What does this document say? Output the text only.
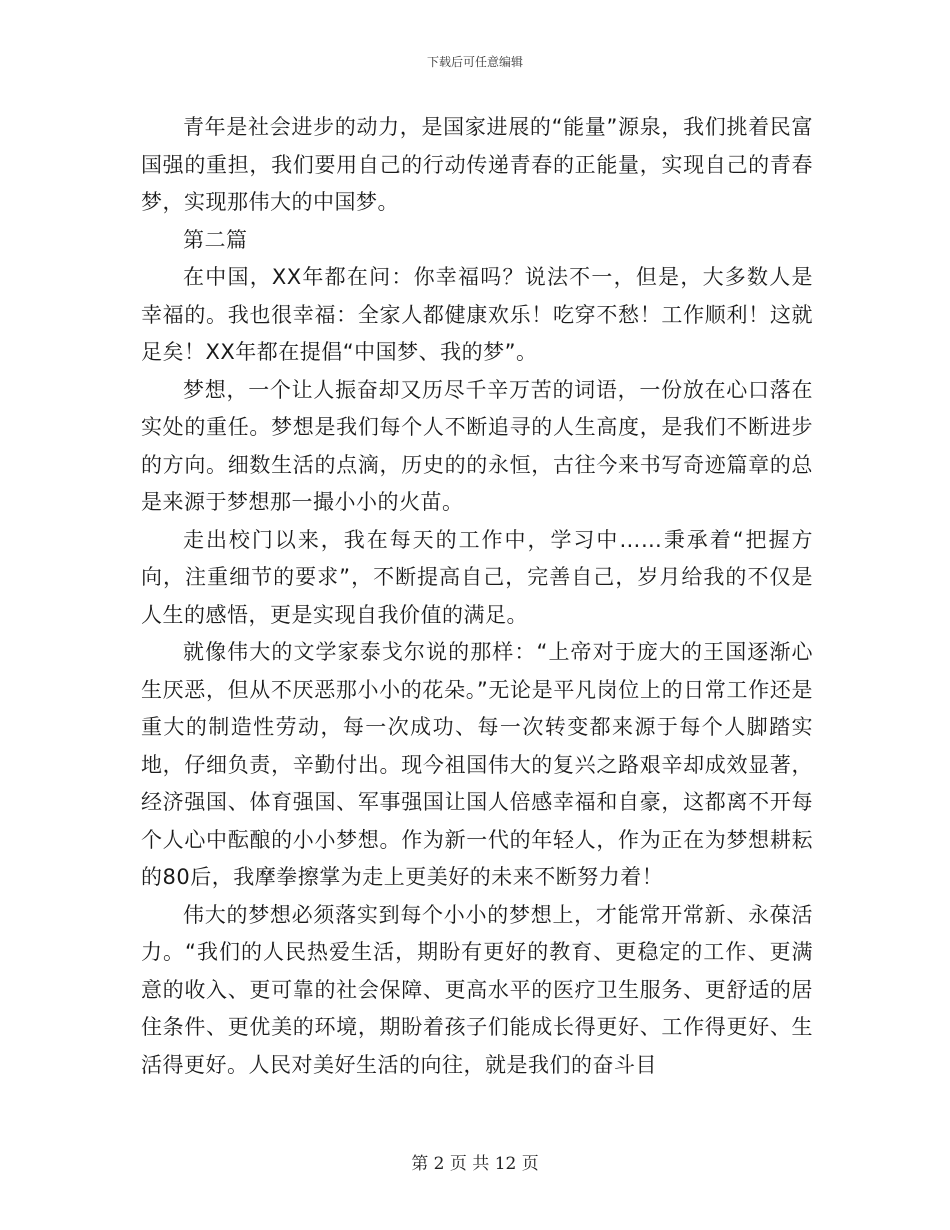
下载后可任意编辑

青年是社会进步的动力，是国家进展的“能量”源泉，我们挑着民富国强的重担，我们要用自己的行动传递青春的正能量，实现自己的青春梦，实现那伟大的中国梦。

第二篇

在中国，XX年都在问：你幸福吗？说法不一，但是，大多数人是幸福的。我也很幸福：全家人都健康欢乐！吃穿不愁！工作顺利！这就足矣！XX年都在提倡“中国梦、我的梦”。

梦想，一个让人振奋却又历尽千辛万苦的词语，一份放在心口落在实处的重任。梦想是我们每个人不断追寻的人生高度，是我们不断进步的方向。细数生活的点滴，历史的的永恒，古往今来书写奇迹篇章的总是来源于梦想那一撮小小的火苗。

走出校门以来，我在每天的工作中，学习中……秉承着“把握方向，注重细节的要求”，不断提高自己，完善自己，岁月给我的不仅是人生的感悟，更是实现自我价值的满足。

就像伟大的文学家泰戈尔说的那样：“上帝对于庞大的王国逐渐心生厌恶，但从不厌恶那小小的花朵。”无论是平凡岗位上的日常工作还是重大的制造性劳动，每一次成功、每一次转变都来源于每个人脚踏实地，仔细负责，辛勤付出。现今祖国伟大的复兴之路艰辛却成效显著，经济强国、体育强国、军事强国让国人倍感幸福和自豪，这都离不开每个人心中酝酿的小小梦想。作为新一代的年轻人，作为正在为梦想耕耘的80后，我摩拳擦掌为走上更美好的未来不断努力着！

伟大的梦想必须落实到每个小小的梦想上，才能常开常新、永葆活力。“我们的人民热爱生活，期盼有更好的教育、更稳定的工作、更满意的收入、更可靠的社会保障、更高水平的医疗卫生服务、更舒适的居住条件、更优美的环境，期盼着孩子们能成长得更好、工作得更好、生活得更好。人民对美好生活的向往，就是我们的奋斗目

第 2 页 共 12 页
